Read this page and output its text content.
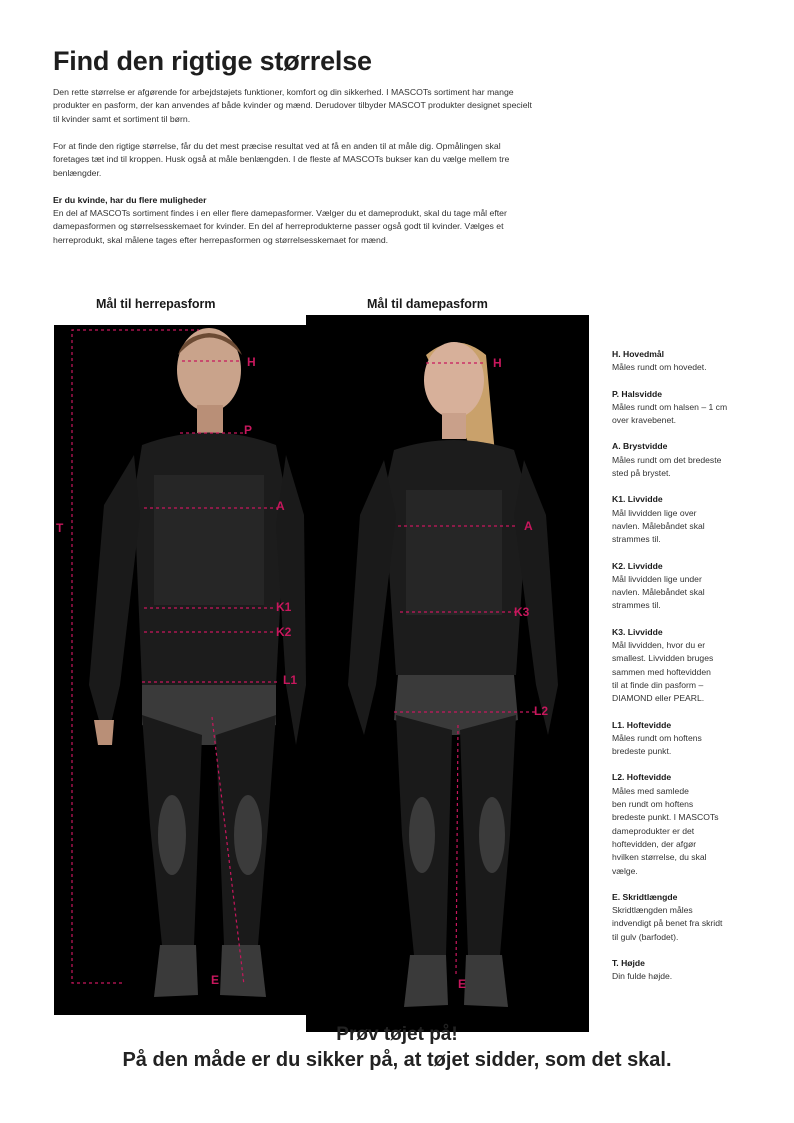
Find den rigtige størrelse

Den rette størrelse er afgørende for arbejdstøjets funktioner, komfort og din sikkerhed. I MASCOTs sortiment har mange produkter en pasform, der kan anvendes af både kvinder og mænd. Derudover tilbyder MASCOT produkter designet specielt til kvinder samt et sortiment til børn.

For at finde den rigtige størrelse, får du det mest præcise resultat ved at få en anden til at måle dig. Opmålingen skal foretages tæt ind til kroppen. Husk også at måle benlængden. I de fleste af MASCOTs bukser kan du vælge mellem tre benlængder.

Er du kvinde, har du flere muligheder

En del af MASCOTs sortiment findes i en eller flere damepasformer. Vælger du et dameprodukt, skal du tage mål efter damepasformen og størrelsesskemaet for kvinder. En del af herreprodukterne passer også godt til kvinder. Vælges et herreprodukt, skal målene tages efter herrepasformen og størrelsesskemaet for mænd.

Mål til herrepasform	Mål til damepasform
H
P
A
K1
K2
L1
T
E
H
A
K3
L2
E
H. Hovedmål
Måles rundt om hovedet.
P. Halsvidde
Måles rundt om halsen – 1 cm
over kravebenet.
A. Brystvidde
Måles rundt om det bredeste
sted på brystet.
K1. Livvidde
Mål livvidden lige over
navlen. Målebåndet skal
strammes til.
K2. Livvidde
Mål livvidden lige under
navlen. Målebåndet skal
strammes til.
K3. Livvidde
Mål livvidden, hvor du er
smallest. Livvidden bruges
sammen med hoftevidden
til at finde din pasform –
DIAMOND eller PEARL.
L1. Hoftevidde
Måles rundt om hoftens
bredeste punkt.
L2. Hoftevidde
Måles med samlede
ben rundt om hoftens
bredeste punkt. I MASCOTs
dameprodukter er det
hoftevidden, der afgør
hvilken størrelse, du skal
vælge.
E. Skridtlængde
Skridtlængden måles
indvendigt på benet fra skridt
til gulv (barfodet).
T. Højde
Din fulde højde.
Prøv tøjet på!
På den måde er du sikker på, at tøjet sidder, som det skal.
